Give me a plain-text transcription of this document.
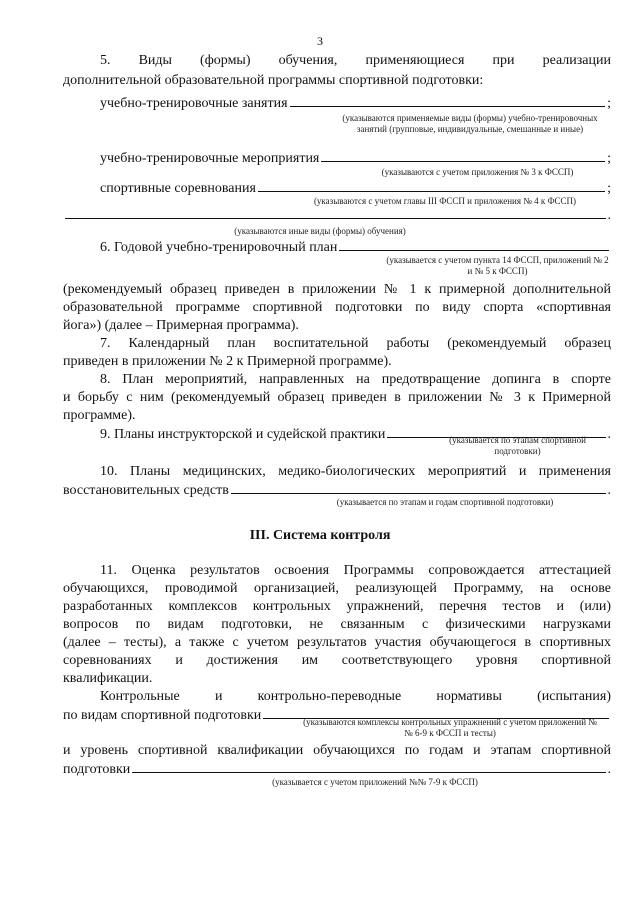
3
5. Виды (формы) обучения, применяющиеся при реализации
дополнительной образовательной программы спортивной подготовки:
учебно-тренировочные занятия	;
(указываются применяемые виды (формы) учебно-тренировочных занятий (групповые, индивидуальные, смешанные и иные)
учебно-тренировочные мероприятия	;
(указываются с учетом приложения № 3 к ФССП)
спортивные соревнования	;
(указываются с учетом главы III ФССП и приложения № 4 к ФССП)
.
(указываются иные виды (формы) обучения)
6. Годовой учебно-тренировочный план
(указывается с учетом пункта 14 ФССП, приложений № 2 и № 5 к ФССП)
(рекомендуемый образец приведен в приложении № 1 к примерной дополнительной
образовательной программе спортивной подготовки по виду спорта «спортивная
йога») (далее – Примерная программа).
7. Календарный план воспитательной работы (рекомендуемый образец
приведен в приложении № 2 к Примерной программе).
8. План мероприятий, направленных на предотвращение допинга в спорте
и борьбу с ним (рекомендуемый образец приведен в приложении № 3 к Примерной
программе).
9. Планы инструкторской и судейской практики	.
(указывается по этапам спортивной подготовки)
10. Планы медицинских, медико-биологических мероприятий и применения
восстановительных средств	.
(указывается по этапам и годам спортивной подготовки)
III. Система контроля
11. Оценка результатов освоения Программы сопровождается аттестацией
обучающихся, проводимой организацией, реализующей Программу, на основе
разработанных комплексов контрольных упражнений, перечня тестов и (или)
вопросов по видам подготовки, не связанным с физическими нагрузками
(далее – тесты), а также с учетом результатов участия обучающегося в спортивных
соревнованиях и достижения им соответствующего уровня спортивной
квалификации.
Контрольные и контрольно-переводные нормативы (испытания)
по видам спортивной подготовки	(указываются комплексы контрольных упражнений с учетом приложений №№ 6-9 к ФССП и тесты)
и уровень спортивной квалификации обучающихся по годам и этапам спортивной
подготовки	.
(указывается с учетом приложений №№ 7-9 к ФССП)
